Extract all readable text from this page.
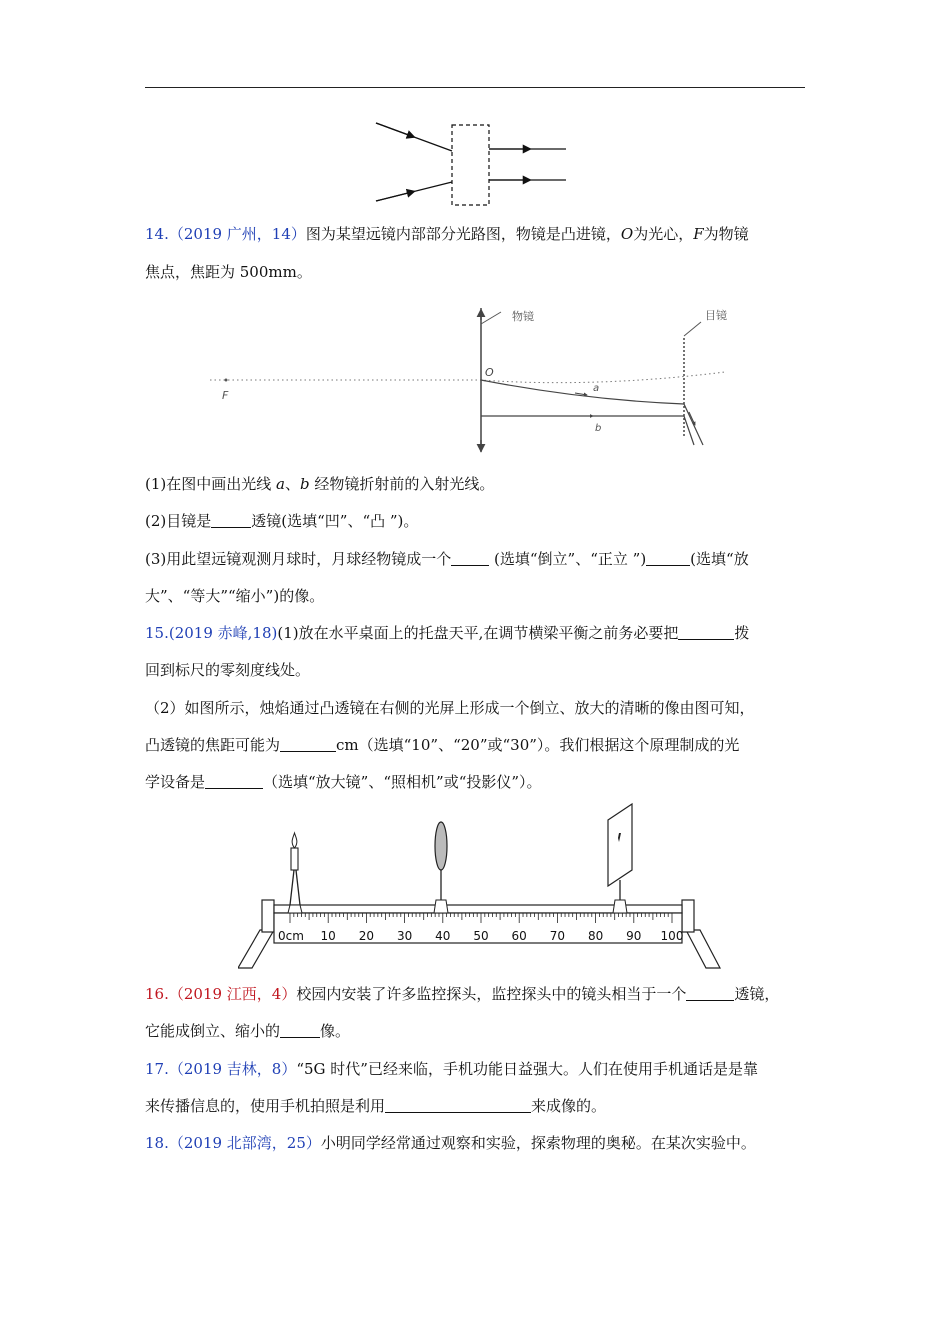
14.（2019 广州，14）图为某望远镜内部部分光路图，物镜是凸进镜，O为光心，F为物镜
焦点，焦距为 500mm。
F
物镜
O
目镜
a
b
(1)在图中画出光线 a、b 经物镜折射前的入射光线。
(2)目镜是	透镜(选填“凹”、“凸 ”)。
(3)用此望远镜观测月球时，月球经物镜成一个	(选填“倒立”、“正立 ”)	(选填“放
大”、“等大”“缩小”)的像。
15.(2019 赤峰,18)(1)放在水平桌面上的托盘天平,在调节横梁平衡之前务必要把	拨
回到标尺的零刻度线处。
（2）如图所示，烛焰通过凸透镜在右侧的光屏上形成一个倒立、放大的清晰的像由图可知，
凸透镜的焦距可能为	cm（选填“10”、“20”或“30”）。我们根据这个原理制成的光
学设备是	（选填“放大镜”、“照相机”或“投影仪”）。
0cm 10 20 30 40 50 60 70 80 90 100
16.（2019 江西，4）校园内安装了许多监控探头，监控探头中的镜头相当于一个	透镜，
它能成倒立、缩小的	像。
17.（2019 吉林，8）“5G 时代”已经来临，手机功能日益强大。人们在使用手机通话是是靠
来传播信息的，使用手机拍照是利用	来成像的。
18.（2019 北部湾，25）小明同学经常通过观察和实验，探索物理的奥秘。在某次实验中。
